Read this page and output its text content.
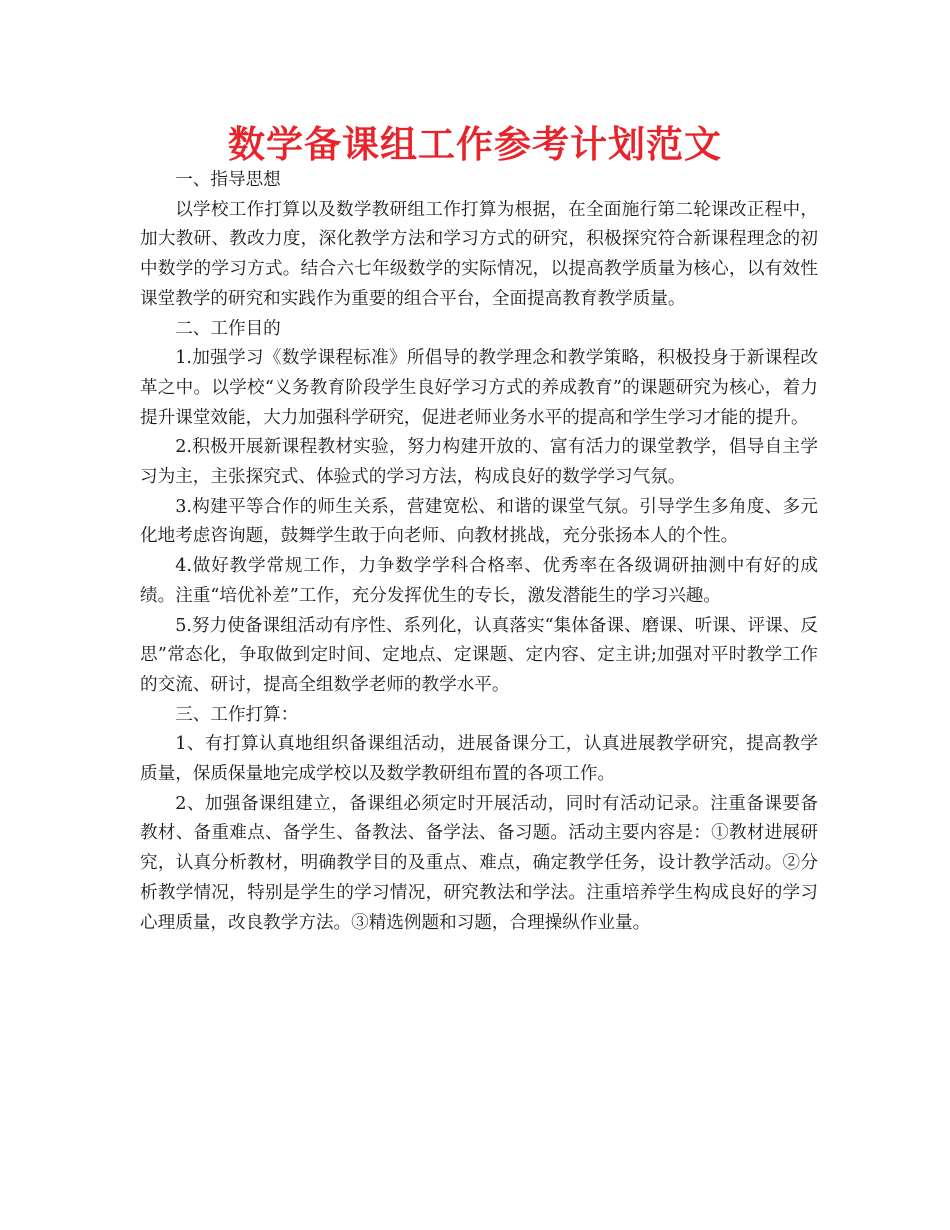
数学备课组工作参考计划范文

一、指导思想

以学校工作打算以及数学教研组工作打算为根据，在全面施行第二轮课改正程中，加大教研、教改力度，深化教学方法和学习方式的研究，积极探究符合新课程理念的初中数学的学习方式。结合六七年级数学的实际情况，以提高教学质量为核心，以有效性课堂教学的研究和实践作为重要的组合平台，全面提高教育教学质量。

二、工作目的

1.加强学习《数学课程标准》所倡导的教学理念和教学策略，积极投身于新课程改革之中。以学校“义务教育阶段学生良好学习方式的养成教育”的课题研究为核心，着力提升课堂效能，大力加强科学研究，促进老师业务水平的提高和学生学习才能的提升。

2.积极开展新课程教材实验，努力构建开放的、富有活力的课堂教学，倡导自主学习为主，主张探究式、体验式的学习方法，构成良好的数学学习气氛。

3.构建平等合作的师生关系，营建宽松、和谐的课堂气氛。引导学生多角度、多元化地考虑咨询题，鼓舞学生敢于向老师、向教材挑战，充分张扬本人的个性。

4.做好教学常规工作，力争数学学科合格率、优秀率在各级调研抽测中有好的成绩。注重“培优补差”工作，充分发挥优生的专长，激发潜能生的学习兴趣。

5.努力使备课组活动有序性、系列化，认真落实“集体备课、磨课、听课、评课、反思”常态化，争取做到定时间、定地点、定课题、定内容、定主讲;加强对平时教学工作的交流、研讨，提高全组数学老师的教学水平。

三、工作打算：

1、有打算认真地组织备课组活动，进展备课分工，认真进展教学研究，提高教学质量，保质保量地完成学校以及数学教研组布置的各项工作。

2、加强备课组建立，备课组必须定时开展活动，同时有活动记录。注重备课要备教材、备重难点、备学生、备教法、备学法、备习题。活动主要内容是：①教材进展研究，认真分析教材，明确教学目的及重点、难点，确定教学任务，设计教学活动。②分析教学情况，特别是学生的学习情况，研究教法和学法。注重培养学生构成良好的学习心理质量，改良教学方法。③精选例题和习题，合理操纵作业量。
